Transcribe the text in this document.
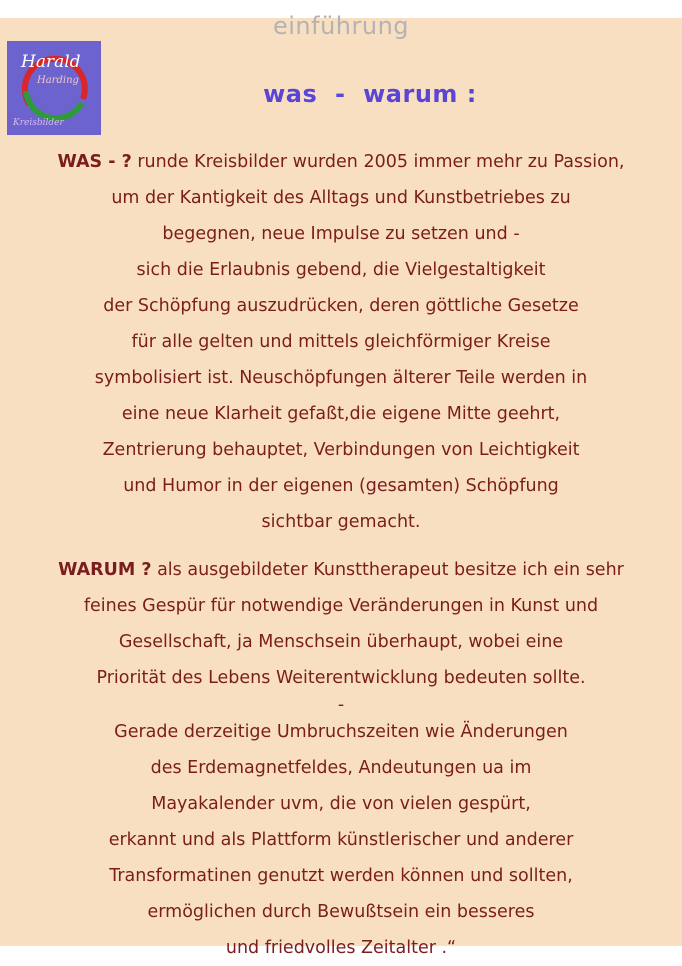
einführung
Harald
Harding
Kreisbilder
was  -  warum :
WAS - ? runde Kreisbilder wurden 2005 immer mehr zu Passion,
um der Kantigkeit des Alltags und Kunstbetriebes zu
begegnen, neue Impulse zu setzen und -
sich die Erlaubnis gebend, die Vielgestaltigkeit
der Schöpfung auszudrücken, deren göttliche Gesetze
für alle gelten und mittels gleichförmiger Kreise
symbolisiert ist. Neuschöpfungen älterer Teile werden in
eine neue Klarheit gefaßt,die eigene Mitte geehrt,
Zentrierung behauptet, Verbindungen von Leichtigkeit
und Humor in der eigenen (gesamten) Schöpfung
sichtbar gemacht.
WARUM ? als ausgebildeter Kunsttherapeut besitze ich ein sehr
feines Gespür für notwendige Veränderungen in Kunst und
Gesellschaft, ja Menschsein überhaupt, wobei eine
Priorität des Lebens Weiterentwicklung bedeuten sollte.
-
Gerade derzeitige Umbruchszeiten wie Änderungen
des Erdemagnetfeldes, Andeutungen ua im
Mayakalender uvm, die von vielen gespürt,
erkannt und als Plattform künstlerischer und anderer
Transformatinen genutzt werden können und sollten,
ermöglichen durch Bewußtsein ein besseres
und friedvolles Zeitalter .“
